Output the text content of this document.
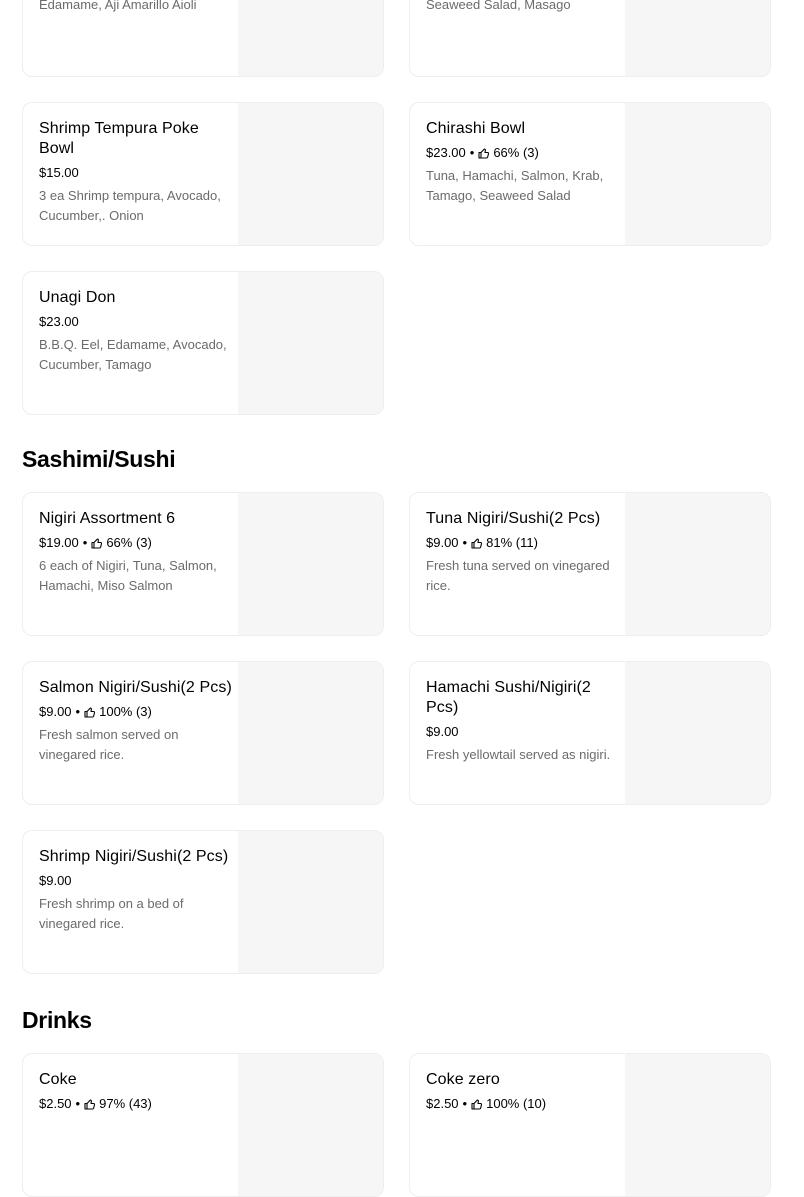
Edamame, Aji Amarillo Aioli	Seaweed Salad, Masago
Shrimp Tempura Poke Bowl
$15.00
3 ea Shrimp tempura, Avocado, Cucumber,. Onion
Chirashi Bowl
$23.00 • 66% (3)
Tuna, Hamachi, Salmon, Krab, Tamago, Seaweed Salad
Unagi Don
$23.00
B.B.Q. Eel, Edamame, Avocado, Cucumber, Tamago
Sashimi/Sushi
Nigiri Assortment 6
$19.00 • 66% (3)
6 each of Nigiri, Tuna, Salmon, Hamachi, Miso Salmon
Tuna Nigiri/Sushi(2 Pcs)
$9.00 • 81% (11)
Fresh tuna served on vinegared rice.
Salmon Nigiri/Sushi(2 Pcs)
$9.00 • 100% (3)
Fresh salmon served on vinegared rice.
Hamachi Sushi/Nigiri(2 Pcs)
$9.00
Fresh yellowtail served as nigiri.
Shrimp Nigiri/Sushi(2 Pcs)
$9.00
Fresh shrimp on a bed of vinegared rice.
Drinks
Coke
$2.50 • 97% (43)
Coke zero
$2.50 • 100% (10)
